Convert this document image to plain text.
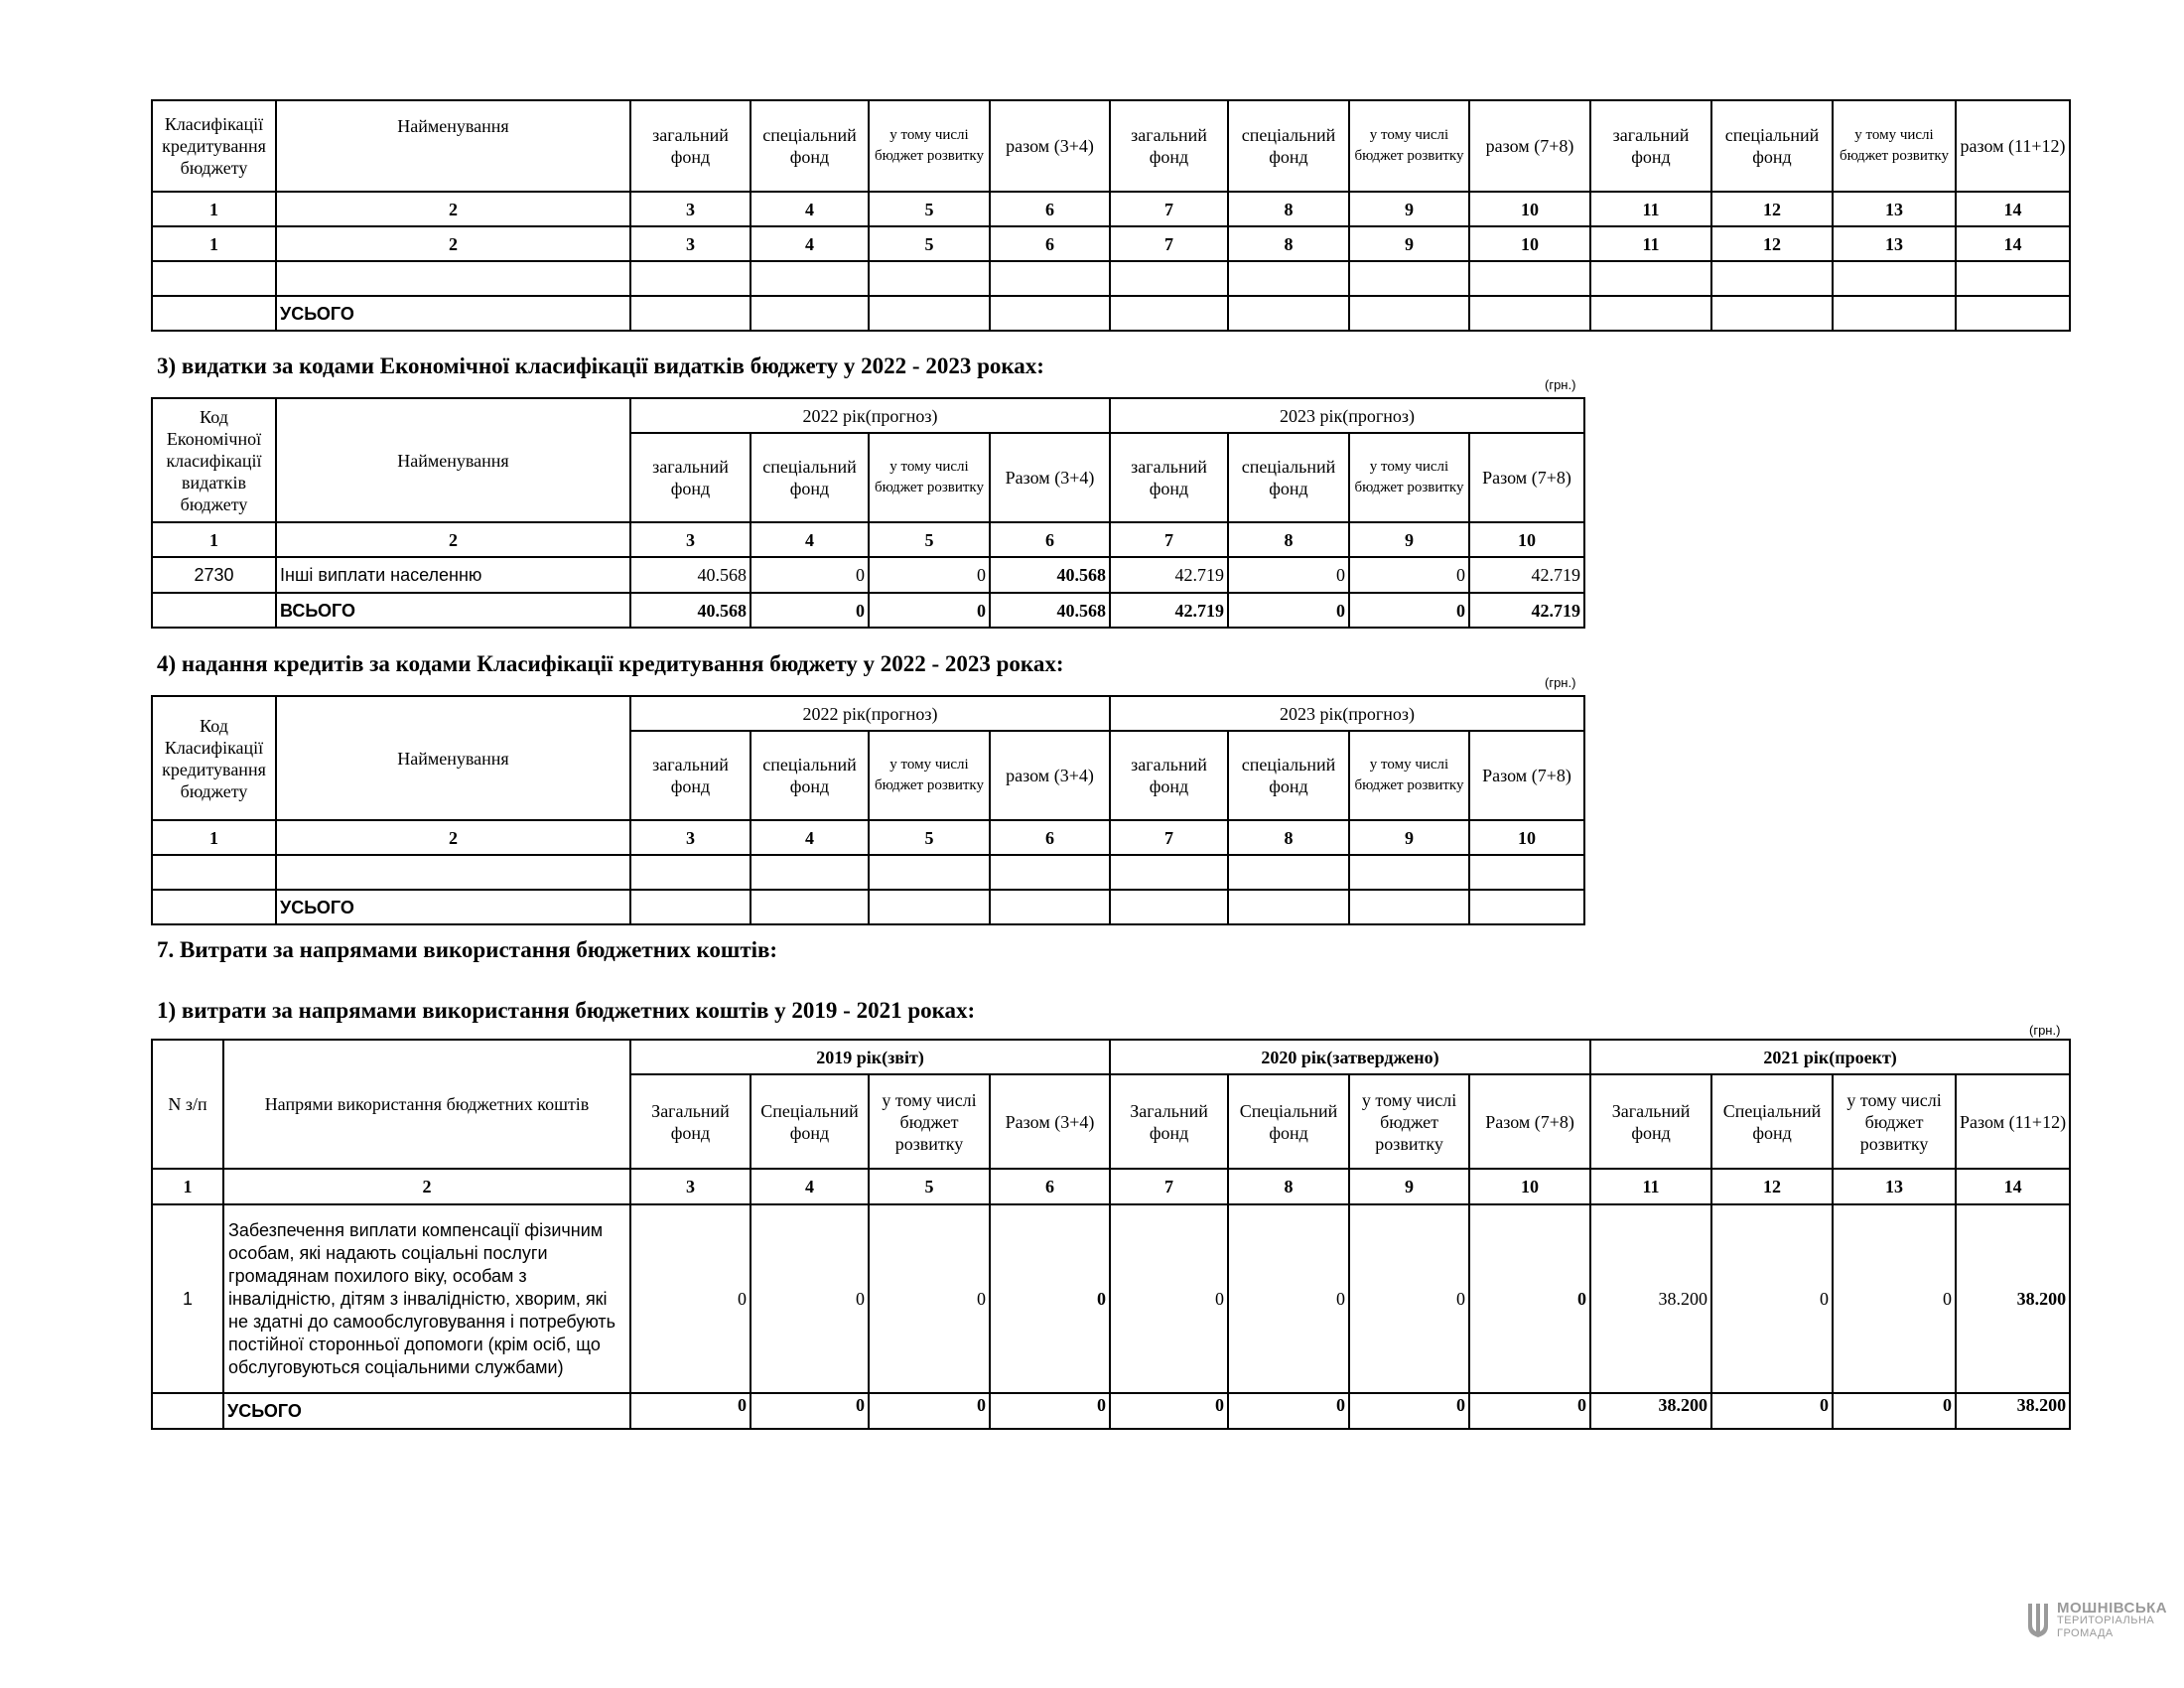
Класифікації кредитування бюджету	Найменування	загальний фонд	спеціальний фонд	у тому числі бюджет розвитку	разом (3+4)	загальний фонд	спеціальний фонд	у тому числі бюджет розвитку	разом (7+8)	загальний фонд	спеціальний фонд	у тому числі бюджет розвитку	разом (11+12)
1	2	3	4	5	6	7	8	9	10	11	12	13	14
1	2	3	4	5	6	7	8	9	10	11	12	13	14

	УСЬОГО												
3) видатки за кодами Економічної класифікації видатків бюджету у 2022 - 2023 роках:
(грн.)
Код Економічної класифікації видатків бюджету	Найменування	2022 рік(прогноз)				2023 рік(прогноз)			
		загальний фонд	спеціальний фонд	у тому числі бюджет розвитку	Разом (3+4)	загальний фонд	спеціальний фонд	у тому числі бюджет розвитку	Разом (7+8)
1	2	3	4	5	6	7	8	9	10
2730	Інші виплати населенню	40.568	0	0	40.568	42.719	0	0	42.719
	ВСЬОГО	40.568	0	0	40.568	42.719	0	0	42.719
4) надання кредитів за кодами Класифікації кредитування бюджету у 2022 - 2023 роках:
(грн.)
Код Класифікації кредитування бюджету	Найменування	2022 рік(прогноз)				2023 рік(прогноз)			
		загальний фонд	спеціальний фонд	у тому числі бюджет розвитку	разом (3+4)	загальний фонд	спеціальний фонд	у тому числі бюджет розвитку	Разом (7+8)
1	2	3	4	5	6	7	8	9	10

	УСЬОГО								
7. Витрати за напрямами використання бюджетних коштів:
1) витрати за напрямами використання бюджетних коштів у 2019 - 2021 роках:
(грн.)
N з/п	Напрями використання бюджетних коштів	2019 рік(звіт)				2020 рік(затверджено)				2021 рік(проект)			
		Загальний фонд	Спеціальний фонд	у тому числі бюджет розвитку	Разом (3+4)	Загальний фонд	Спеціальний фонд	у тому числі бюджет розвитку	Разом (7+8)	Загальний фонд	Спеціальний фонд	у тому числі бюджет розвитку	Разом (11+12)
1	2	3	4	5	6	7	8	9	10	11	12	13	14
1	Забезпечення виплати компенсації фізичним особам, які надають соціальні послуги громадянам похилого віку, особам з інвалідністю, дітям з інвалідністю, хворим, які не здатні до самообслуговування і потребують постійної сторонньої допомоги (крім осіб, що обслуговуються соціальними службами)	0	0	0	0	0	0	0	0	38.200	0	0	38.200
	УСЬОГО	0	0	0	0	0	0	0	0	38.200	0	0	38.200
МОШНІВСЬКА
ТЕРИТОРІАЛЬНА
ГРОМАДА
